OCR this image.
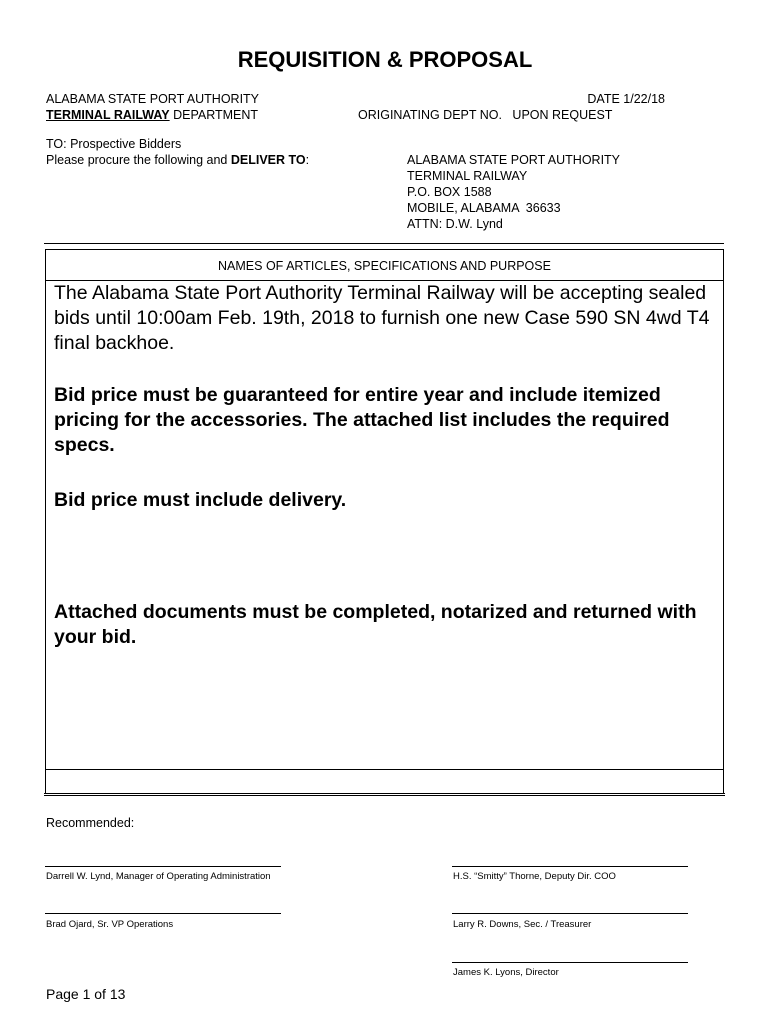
REQUISITION & PROPOSAL
ALABAMA STATE PORT AUTHORITY
TERMINAL RAILWAY DEPARTMENT
DATE 1/22/18
ORIGINATING DEPT NO.   UPON REQUEST
TO: Prospective Bidders
Please procure the following and DELIVER TO:	ALABAMA STATE PORT AUTHORITY
TERMINAL RAILWAY
P.O. BOX 1588
MOBILE, ALABAMA  36633
ATTN: D.W. Lynd
NAMES OF ARTICLES, SPECIFICATIONS AND PURPOSE
The Alabama State Port Authority Terminal Railway will be accepting sealed bids until 10:00am Feb. 19th, 2018 to furnish one new Case 590 SN 4wd T4 final backhoe.
Bid price must be guaranteed for entire year and include itemized pricing for the accessories. The attached list includes the required specs.
Bid price must include delivery.
Attached documents must be completed, notarized and returned with your bid.
Recommended:
Darrell W. Lynd, Manager of Operating Administration	H.S. “Smitty” Thorne, Deputy Dir. COO
Brad Ojard, Sr. VP Operations	Larry R. Downs, Sec. / Treasurer
James K. Lyons, Director
Page 1 of 13
